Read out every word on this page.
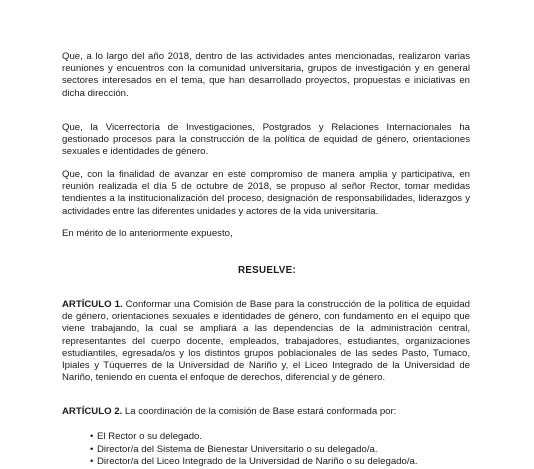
Que, a lo largo del año 2018, dentro de las actividades antes mencionadas, realizaron varias reuniones y encuentros con la comunidad universitaria, grupos de investigación y en general sectores interesados en el tema, que han desarrollado proyectos, propuestas e iniciativas en dicha dirección.
Que, la Vicerrectoría de Investigaciones, Postgrados y Relaciones Internacionales ha gestionado procesos para la construcción de la política de equidad de género, orientaciones sexuales e identidades de género.
Que, con la finalidad de avanzar en este compromiso de manera amplia y participativa, en reunión realizada el día 5 de octubre de 2018, se propuso al señor Rector, tomar medidas tendientes a la institucionalización del proceso, designación de responsabilidades, liderazgos y actividades entre las diferentes unidades y actores de la vida universitaria.
En mérito de lo anteriormente expuesto,
RESUELVE:
ARTÍCULO 1. Conformar una Comisión de Base para la construcción de la política de equidad de género, orientaciones sexuales e identidades de género, con fundamento en el equipo que viene trabajando, la cual se ampliará a las dependencias de la administración central, representantes del cuerpo docente, empleados, trabajadores, estudiantes, organizaciones estudiantiles, egresada/os y los distintos grupos poblacionales de las sedes Pasto, Tumaco, Ipiales y Túquerres de la Universidad de Nariño y, el Liceo Integrado de la Universidad de Nariño, teniendo en cuenta el enfoque de derechos, diferencial y de género.
ARTÍCULO 2. La coordinación de la comisión de Base estará conformada por:
• El Rector o su delegado.
• Director/a del Sistema de Bienestar Universitario o su delegado/a.
• Director/a del Liceo Integrado de la Universidad de Nariño o su delegado/a.
